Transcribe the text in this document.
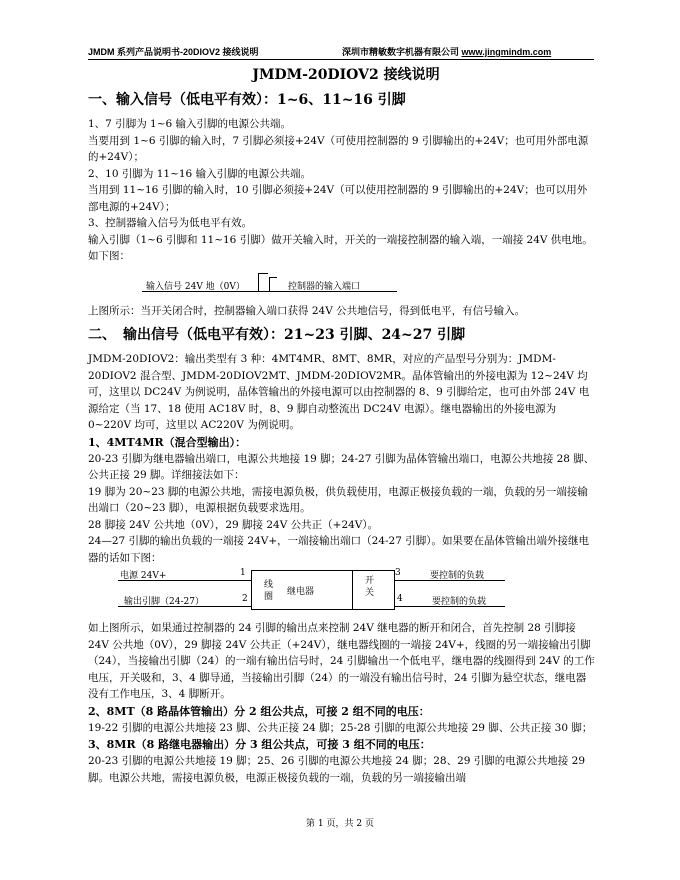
JMDM 系列产品说明书-20DIOV2 接线说明	深圳市精敏数字机器有限公司 www.jingmindm.com
JMDM-20DIOV2 接线说明
一、输入信号（低电平有效）：1~6、11~16 引脚

1、7 引脚为 1~6 输入引脚的电源公共端。

当要用到 1~6 引脚的输入时，7 引脚必须接+24V（可使用控制器的 9 引脚输出的+24V；也可用外部电源的+24V）；

2、10 引脚为 11~16 输入引脚的电源公共端。

当用到 11~16 引脚的输入时，10 引脚必须接+24V（可以使用控制器的 9 引脚输出的+24V；也可以用外部电源的+24V）；

3、控制器输入信号为低电平有效。

输入引脚（1~6 引脚和 11~16 引脚）做开关输入时，开关的一端接控制器的输入端，一端接 24V 供电地。如下图：

输入信号 24V 地（0V）	控制器的输入端口

上图所示：当开关闭合时，控制器输入端口获得 24V 公共地信号，得到低电平，有信号输入。

二、　输出信号（低电平有效）：21~23 引脚、24~27 引脚

JMDM-20DIOV2：输出类型有 3 种：4MT4MR、8MT、8MR，对应的产品型号分别为：JMDM-20DIOV2 混合型、JMDM-20DIOV2MT、JMDM-20DIOV2MR。晶体管输出的外接电源为 12~24V 均可，这里以 DC24V 为例说明，晶体管输出的外接电源可以由控制器的 8、9 引脚给定，也可由外部 24V 电源给定（当 17、18 使用 AC18V 时，8、9 脚自动整流出 DC24V 电源）。继电器输出的外接电源为 0~220V 均可，这里以 AC220V 为例说明。

1、4MT4MR（混合型输出）：

20-23 引脚为继电器输出端口，电源公共地接 19 脚；24-27 引脚为晶体管输出端口，电源公共地接 28 脚、公共正接 29 脚。详细接法如下：

19 脚为 20~23 脚的电源公共地，需接电源负极，供负载使用，电源正极接负载的一端，负载的另一端接输出端口（20~23 脚），电源根据负载要求选用。

28 脚接 24V 公共地（0V），29 脚接 24V 公共正（+24V）。

24—27 引脚的输出负载的一端接 24V+，一端接输出端口（24-27 引脚）。如果要在晶体管输出端外接继电器的话如下图：

电源 24V+	1
输出引脚（24-27）	2
线
圈 继电器
开
关
3	要控制的负载
4	要控制的负载

如上图所示，如果通过控制器的 24 引脚的输出点来控制 24V 继电器的断开和闭合，首先控制 28 引脚接 24V 公共地（0V），29 脚接 24V 公共正（+24V），继电器线圈的一端接 24V+，线圈的另一端接输出引脚（24），当接输出引脚（24）的一端有输出信号时，24 引脚输出一个低电平，继电器的线圈得到 24V 的工作电压，开关吸和，3、4 脚导通，当接输出引脚（24）的一端没有输出信号时，24 引脚为悬空状态，继电器没有工作电压，3、4 脚断开。

2、8MT（8 路晶体管输出）分 2 组公共点，可接 2 组不同的电压：

19-22 引脚的电源公共地接 23 脚、公共正接 24 脚；25-28 引脚的电源公共地接 29 脚、公共正接 30 脚；

3、8MR（8 路继电器输出）分 3 组公共点，可接 3 组不同的电压：

20-23 引脚的电源公共地接 19 脚；25、26 引脚的电源公共地接 24 脚；28、29 引脚的电源公共地接 29 脚。电源公共地，需接电源负极，电源正极接负载的一端，负载的另一端接输出端

第 1 页，共 2 页
